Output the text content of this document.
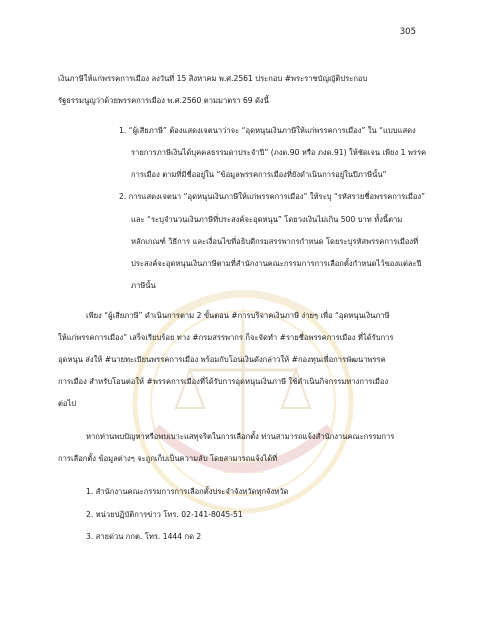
305
เงินภาษีให้แก่พรรคการเมือง ลงวันที่ 15 สิงหาคม พ.ศ.2561 ประกอบ #พระราชบัญญัติประกอบ
รัฐธรรมนูญว่าด้วยพรรคการเมือง พ.ศ.2560 ตามมาตรา 69 ดังนี้
1. “ผู้เสียภาษี” ต้องแสดงเจตนาว่าจะ “อุดหนุนเงินภาษีให้แก่พรรคการเมือง” ใน “แบบแสดง
รายการภาษีเงินได้บุคคลธรรมดาประจำปี” (ภงด.90 หรือ ภงด.91) ให้ชัดเจน เพียง 1 พรรค
การเมือง ตามที่มีชื่ออยู่ใน “ข้อมูลพรรคการเมืองที่ยังดำเนินการอยู่ในปีภาษีนั้น”
2. การแสดงเจตนา “อุดหนุนเงินภาษีให้แก่พรรคการเมือง” ให้ระบุ “รหัสรายชื่อพรรคการเมือง”
และ “ระบุจำนวนเงินภาษีที่ประสงค์จะอุดหนุน” โดยวงเงินไม่เกิน 500 บาท ทั้งนี้ตาม
หลักเกณฑ์ วิธีการ และเงื่อนไขที่อธิบดีกรมสรรพากรกำหนด โดยระบุรหัสพรรคการเมืองที่
ประสงค์จะอุดหนุนเงินภาษีตามที่สำนักงานคณะกรรมการการเลือกตั้งกำหนดไว้ของแต่ละปี
ภาษีนั้น
เพียง “ผู้เสียภาษี” ดำเนินการตาม 2 ขั้นตอน #การบริจาคเงินภาษี ง่ายๆ เพื่อ “อุดหนุนเงินภาษี
ให้แก่พรรคการเมือง” เสร็จเรียบร้อย ทาง #กรมสรรพากร ก็จะจัดทำ #รายชื่อพรรคการเมือง ที่ได้รับการ
อุดหนุน ส่งให้ #นายทะเบียนพรรคการเมือง พร้อมกับโอนเงินดังกล่าวให้ #กองทุนเพื่อการพัฒนาพรรค
การเมือง สำหรับโอนต่อให้ #พรรคการเมืองที่ได้รับการอุดหนุนเงินภาษี ใช้ดำเนินกิจกรรมทางการเมือง
ต่อไป
หากท่านพบปัญหาหรือพบเบาะแสทุจริตในการเลือกตั้ง ท่านสามารถแจ้งสำนักงานคณะกรรมการ
การเลือกตั้ง ข้อมูลต่างๆ จะถูกเก็บเป็นความลับ โดยสามารถแจ้งได้ที่
1. สำนักงานคณะกรรมการการเลือกตั้งประจำจังหวัดทุกจังหวัด
2. หน่วยปฏิบัติการข่าว โทร. 02-141-8045-51
3. สายด่วน กกต. โทร. 1444 กด 2
